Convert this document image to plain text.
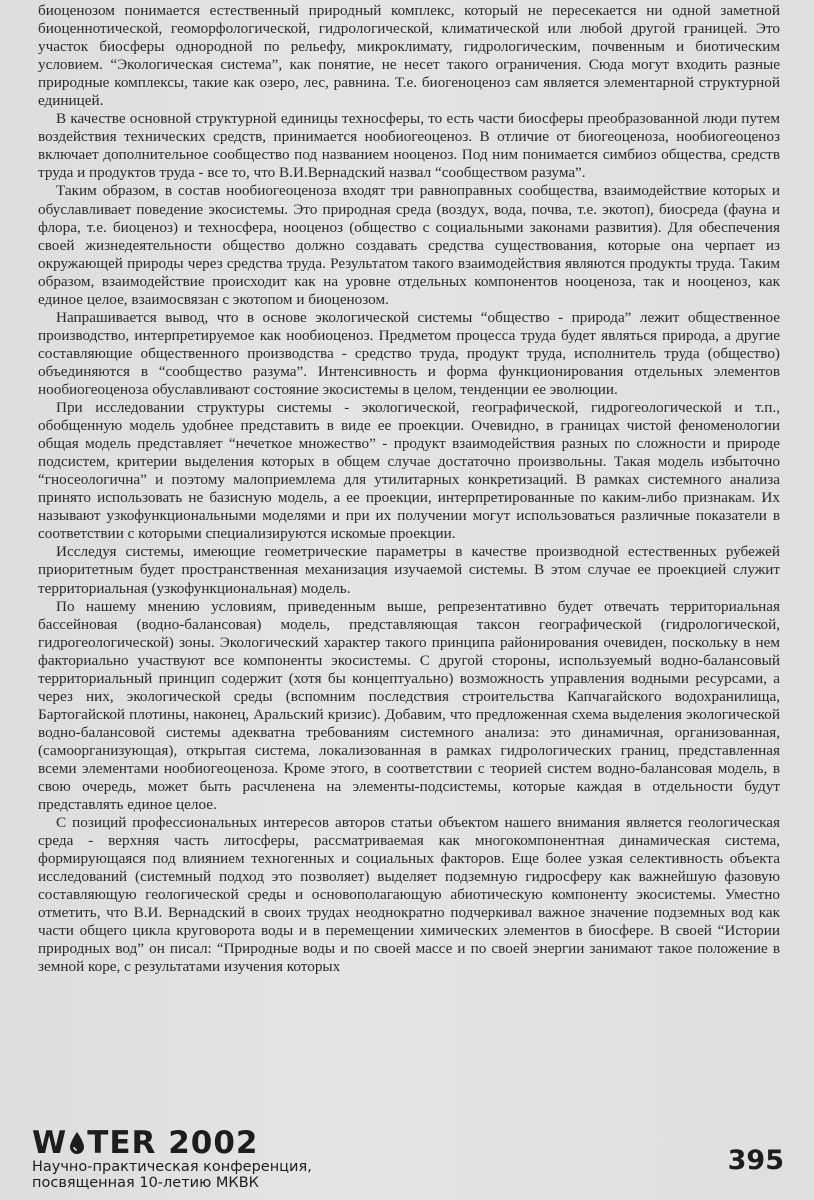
биоценозом понимается естественный природный комплекс, который не пересекается ни одной заметной биоценнотической, геоморфологической, гидрологической, климатической или любой другой границей. Это участок биосферы однородной по рельефу, микроклимату, гидрологическим, почвенным и биотическим условием. “Экологическая система”, как понятие, не несет такого ограничения. Сюда могут входить разные природные комплексы, такие как озеро, лес, равнина. Т.е. биогеноценоз сам является элементарной структурной единицей.

В качестве основной структурной единицы техносферы, то есть части биосферы преобразованной люди путем воздействия технических средств, принимается нообиогеоценоз. В отличие от биогеоценоза, нообиогеоценоз включает дополнительное сообщество под названием нооценоз. Под ним понимается симбиоз общества, средств труда и продуктов труда - все то, что В.И.Вернадский назвал “сообществом разума”.

Таким образом, в состав ноoбиогеоценоза входят три равноправных сообщества, взаимодействие которых и обуславливает поведение экосистемы. Это природная среда (воздух, вода, почва, т.е. экотоп), биосреда (фауна и флора, т.е. биоценоз) и техносфера, нооценоз (общество с социальными законами развития). Для обеспечения своей жизнедеятельности общество должно создавать средства существования, которые она черпает из окружающей природы через средства труда. Результатом такого взаимодействия являются продукты труда. Таким образом, взаимодействие происходит как на уровне отдельных компонентов нооценоза, так и нооценоз, как единое целое, взаимосвязан с экотопом и биоценозом.

Напрашивается вывод, что в основе экологической системы “общество - природа” лежит общественное производство, интерпретируемое как ноoбиоценоз. Предметом процесса труда будет являться природа, а другие составляющие общественного производства - средство труда, продукт труда, исполнитель труда (общество) объединяются в “сообщество разума”. Интенсивность и форма функционирования отдельных элементов ноoбиогеоценоза обуславливают состояние экосистемы в целом, тенденции ее эволюции.

При исследовании структуры системы - экологической, географической, гидрогеологической и т.п., обобщенную модель удобнее представить в виде ее проекции. Очевидно, в границах чистой феноменологии общая модель представляет “нечеткое множество” - продукт взаимодействия разных по сложности и природе подсистем, критерии выделения которых в общем случае достаточно произвольны. Такая модель избыточно “гносеологична” и поэтому малоприемлема для утилитарных конкретизаций. В рамках системного анализа принято использовать не базисную модель, а ее проекции, интерпретированные по каким-либо признакам. Их называют узкофункциональными моделями и при их получении могут использоваться различные показатели в соответствии с которыми специализируются искомые проекции.

Исследуя системы, имеющие геометрические параметры в качестве производной естественных рубежей приоритетным будет пространственная механизация изучаемой системы. В этом случае ее проекцией служит территориальная (узкофункциональная) модель.

По нашему мнению условиям, приведенным выше, репрезентативно будет отвечать территориальная бассейновая (водно-балансовая) модель, представляющая таксон географической (гидрологической, гидрогеологической) зоны. Экологический характер такого принципа районирования очевиден, поскольку в нем факториально участвуют все компоненты экосистемы. С другой стороны, используемый водно-балансовый территориальный принцип содержит (хотя бы концептуально) возможность управления водными ресурсами, а через них, экологической среды (вспомним последствия строительства Капчагайского водохранилища, Бартогайской плотины, наконец, Аральский кризис). Добавим, что предложенная схема выделения экологической водно-балансовой системы адекватна требованиям системного анализа: это динамичная, организованная, (самоорганизующая), открытая система, локализованная в рамках гидрологических границ, представленная всеми элементами ноoбиогеоценоза. Кроме этого, в соответствии с теорией систем водно-балансовая модель, в свою очередь, может быть расчленена на элементы-подсистемы, которые каждая в отдельности будут представлять единое целое.

С позиций профессиональных интересов авторов статьи объектом нашего внимания является геологическая среда - верхняя часть литосферы, рассматриваемая как многокомпонентная динамическая система, формирующаяся под влиянием техногенных и социальных факторов. Еще более узкая селективность объекта исследований (системный подход это позволяет) выделяет подземную гидросферу как важнейшую фазовую составляющую геологической среды и основополагающую абиотическую компоненту экосистемы. Уместно отметить, что В.И. Вернадский в своих трудах неоднократно подчеркивал важное значение подземных вод как части общего цикла круговорота воды и в перемещении химических элементов в биосфере. В своей “Истории природных вод” он писал: “Природные воды и по своей массе и по своей энергии занимают такое положение в земной коре, с результатами изучения которых

W TER 2002
Научно-практическая конференция,
посвященная 10-летию МКВК
395
